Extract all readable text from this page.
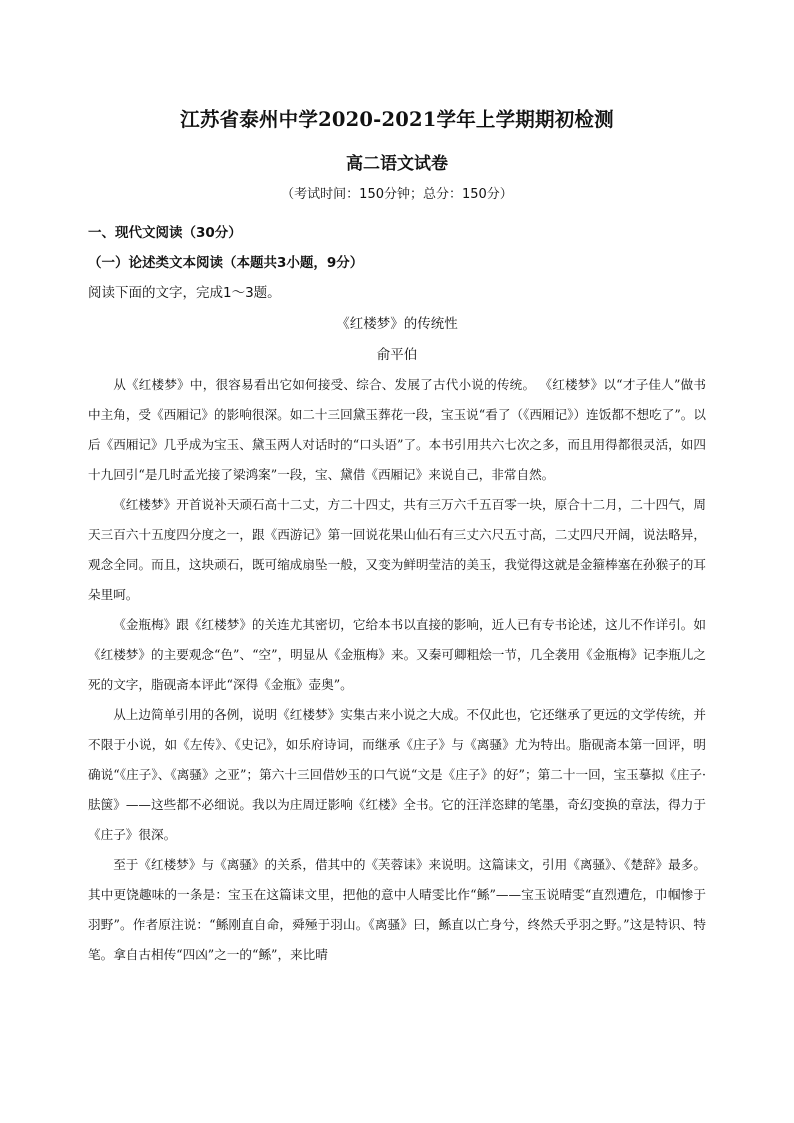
江苏省泰州中学2020-2021学年上学期期初检测
高二语文试卷
（考试时间：150分钟；总分：150分）
一、现代文阅读（30分）
（一）论述类文本阅读（本题共3小题，9分）
阅读下面的文字，完成1～3题。
《红楼梦》的传统性
俞平伯

从《红楼梦》中，很容易看出它如何接受、综合、发展了古代小说的传统。 《红楼梦》以“才子佳人”做书中主角，受《西厢记》的影响很深。如二十三回黛玉葬花一段，宝玉说“看了（《西厢记》）连饭都不想吃了”。以后《西厢记》几乎成为宝玉、黛玉两人对话时的“口头语”了。本书引用共六七次之多，而且用得都很灵活，如四十九回引“是几时孟光接了梁鸿案”一段，宝、黛借《西厢记》来说自己，非常自然。

《红楼梦》开首说补天顽石高十二丈，方二十四丈，共有三万六千五百零一块，原合十二月，二十四气，周天三百六十五度四分度之一，跟《西游记》第一回说花果山仙石有三丈六尺五寸高，二丈四尺开阔，说法略异，观念全同。而且，这块顽石，既可缩成扇坠一般，又变为鲜明莹洁的美玉，我觉得这就是金箍棒塞在孙猴子的耳朵里呵。

《金瓶梅》跟《红楼梦》的关连尤其密切，它给本书以直接的影响，近人已有专书论述，这儿不作详引。如《红楼梦》的主要观念“色”、“空”，明显从《金瓶梅》来。又秦可卿粗烩一节，几全袭用《金瓶梅》记李瓶儿之死的文字，脂砚斋本评此“深得《金瓶》壶奥”。

从上边简单引用的各例，说明《红楼梦》实集古来小说之大成。不仅此也，它还继承了更远的文学传统，并不限于小说，如《左传》、《史记》，如乐府诗词，而继承《庄子》与《离骚》尤为特出。脂砚斋本第一回评，明确说“《庄子》、《离骚》之亚”；第六十三回借妙玉的口气说“文是《庄子》的好”；第二十一回，宝玉摹拟《庄子·胠箧》——这些都不必细说。我以为庄周迂影响《红楼》全书。它的汪洋恣肆的笔墨，奇幻变换的章法，得力于《庄子》很深。

至于《红楼梦》与《离骚》的关系，借其中的《芙蓉诔》来说明。这篇诔文，引用《离骚》、《楚辞》最多。其中更饶趣味的一条是：宝玉在这篇诔文里，把他的意中人晴雯比作“鲧”——宝玉说晴雯“直烈遭危，巾帼惨于羽野”。作者原注说：“鲧刚直自命，舜殛于羽山。《离骚》曰，鲧直以亡身兮，终然夭乎羽之野。”这是特识、特笔。拿自古相传“四凶”之一的“鲧”，来比晴
